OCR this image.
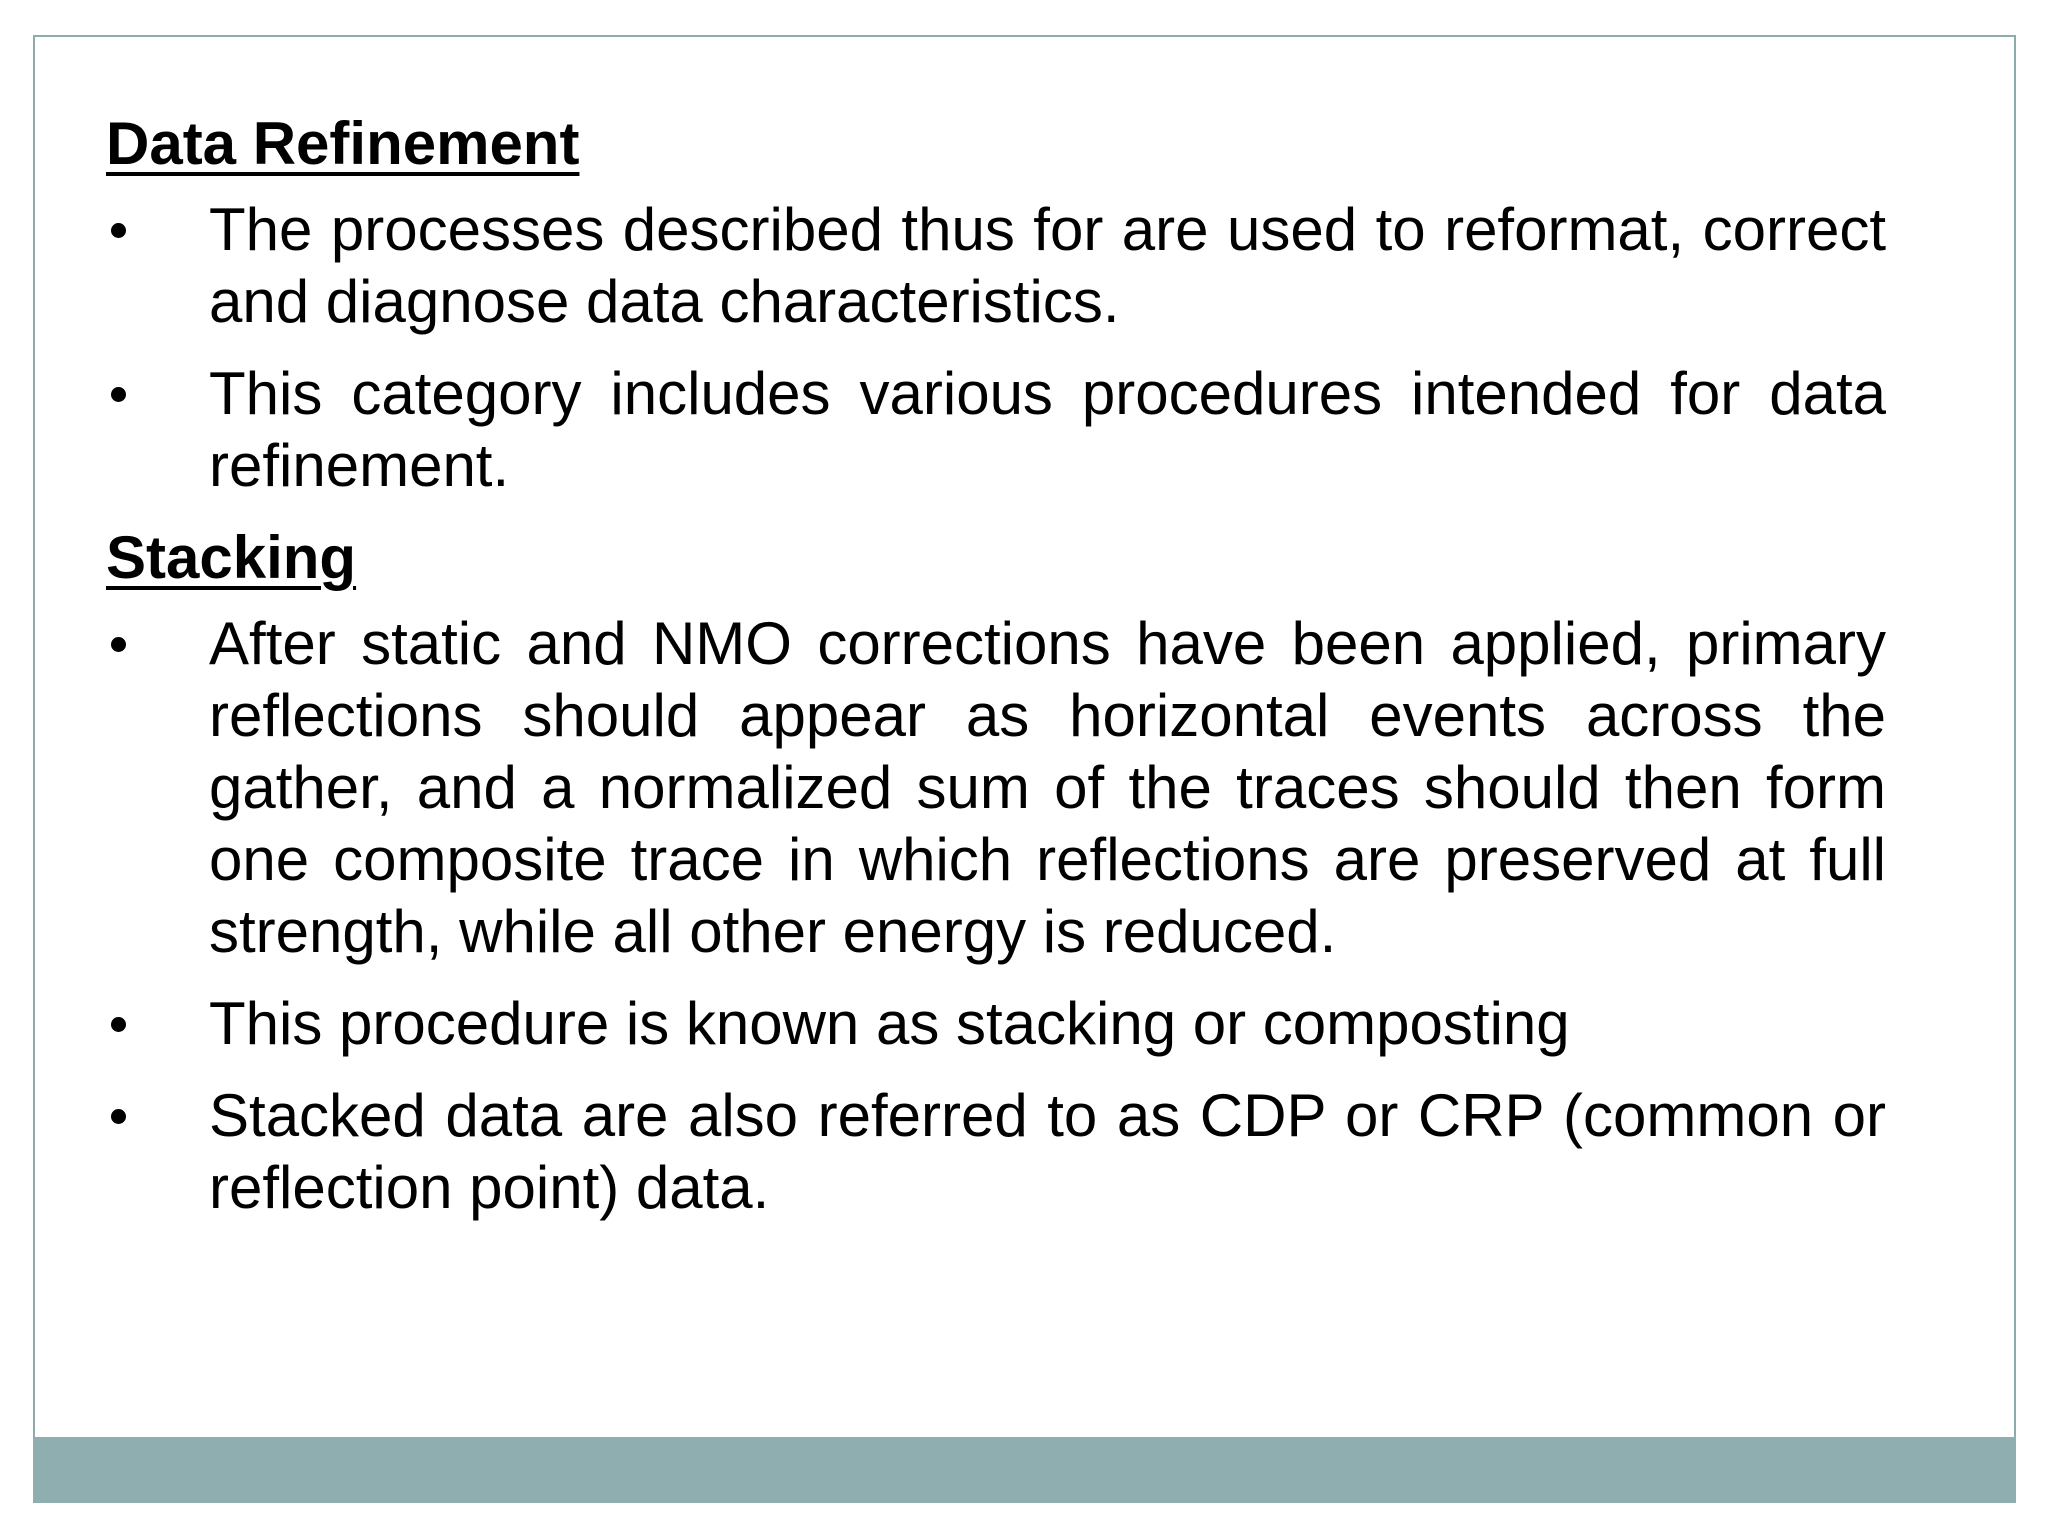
Data Refinement
The processes described thus for are used to reformat, correct and diagnose data characteristics.
This category includes various procedures intended for data refinement.
Stacking
After static and NMO corrections have been applied, primary reflections should appear as horizontal events across the gather, and a normalized sum of the traces should then form one composite trace in which reflections are preserved at full strength, while all other energy is reduced.
This procedure is known as stacking or composting
Stacked data are also referred to as CDP or CRP (common or reflection point) data.
